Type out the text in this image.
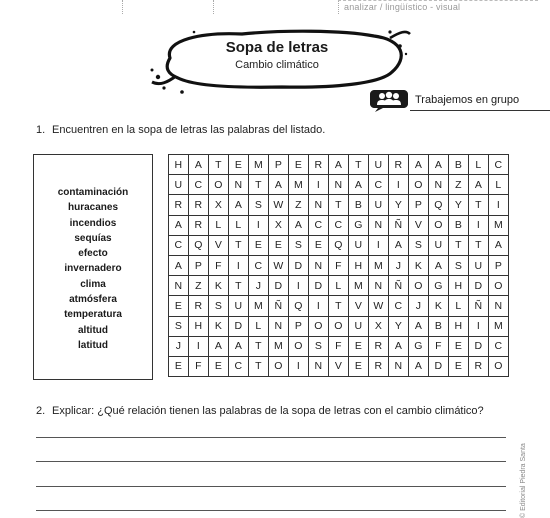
analizar / lingüístico - visual
Sopa de letras
Cambio climático
Trabajemos en grupo
1. Encuentren en la sopa de letras las palabras del listado.
contaminación
huracanes
incendios
sequías
efecto
invernadero
clima
atmósfera
temperatura
altitud
latitud
H	A	T	E	M	P	E	R	A	T	U	R	A	A	B	L	C
U	C	O	N	T	A	M	I	N	A	C	I	O	N	Z	A	L
R	R	X	A	S	W	Z	N	T	B	U	Y	P	Q	Y	T	I
A	R	L	L	I	X	A	C	C	G	N	Ñ	V	O	B	I	M
C	Q	V	T	E	E	S	E	Q	U	I	A	S	U	T	T	A
A	P	F	I	C	W	D	N	F	H	M	J	K	A	S	U	P
N	Z	K	T	J	D	I	D	L	M	N	Ñ	O	G	H	D	O
E	R	S	U	M	Ñ	Q	I	T	V	W	C	J	K	L	Ñ	N
S	H	K	D	L	N	P	O	O	U	X	Y	A	B	H	I	M
J	I	A	A	T	M	O	S	F	E	R	A	G	F	E	D	C
E	F	E	C	T	O	I	N	V	E	R	N	A	D	E	R	O
2. Explicar: ¿Qué relación tienen las palabras de la sopa de letras con el cambio climático?
© Editorial Piedra Santa
